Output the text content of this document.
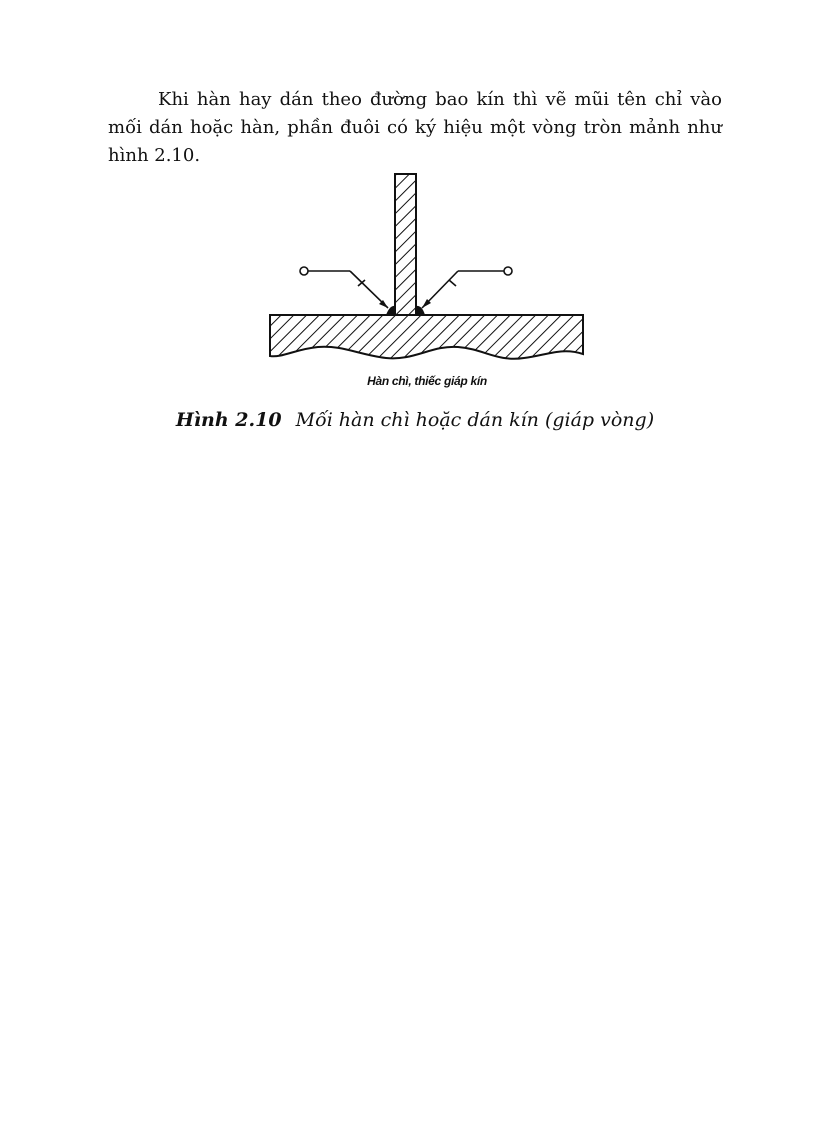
Khi hàn hay dán theo đường bao kín thì vẽ mũi tên chỉ vào
mối dán hoặc hàn, phần đuôi có ký hiệu một vòng tròn mảnh như
hình 2.10.

Hàn chì, thiếc giáp kín
Hình 2.10 Mối hàn chì hoặc dán kín (giáp vòng)
